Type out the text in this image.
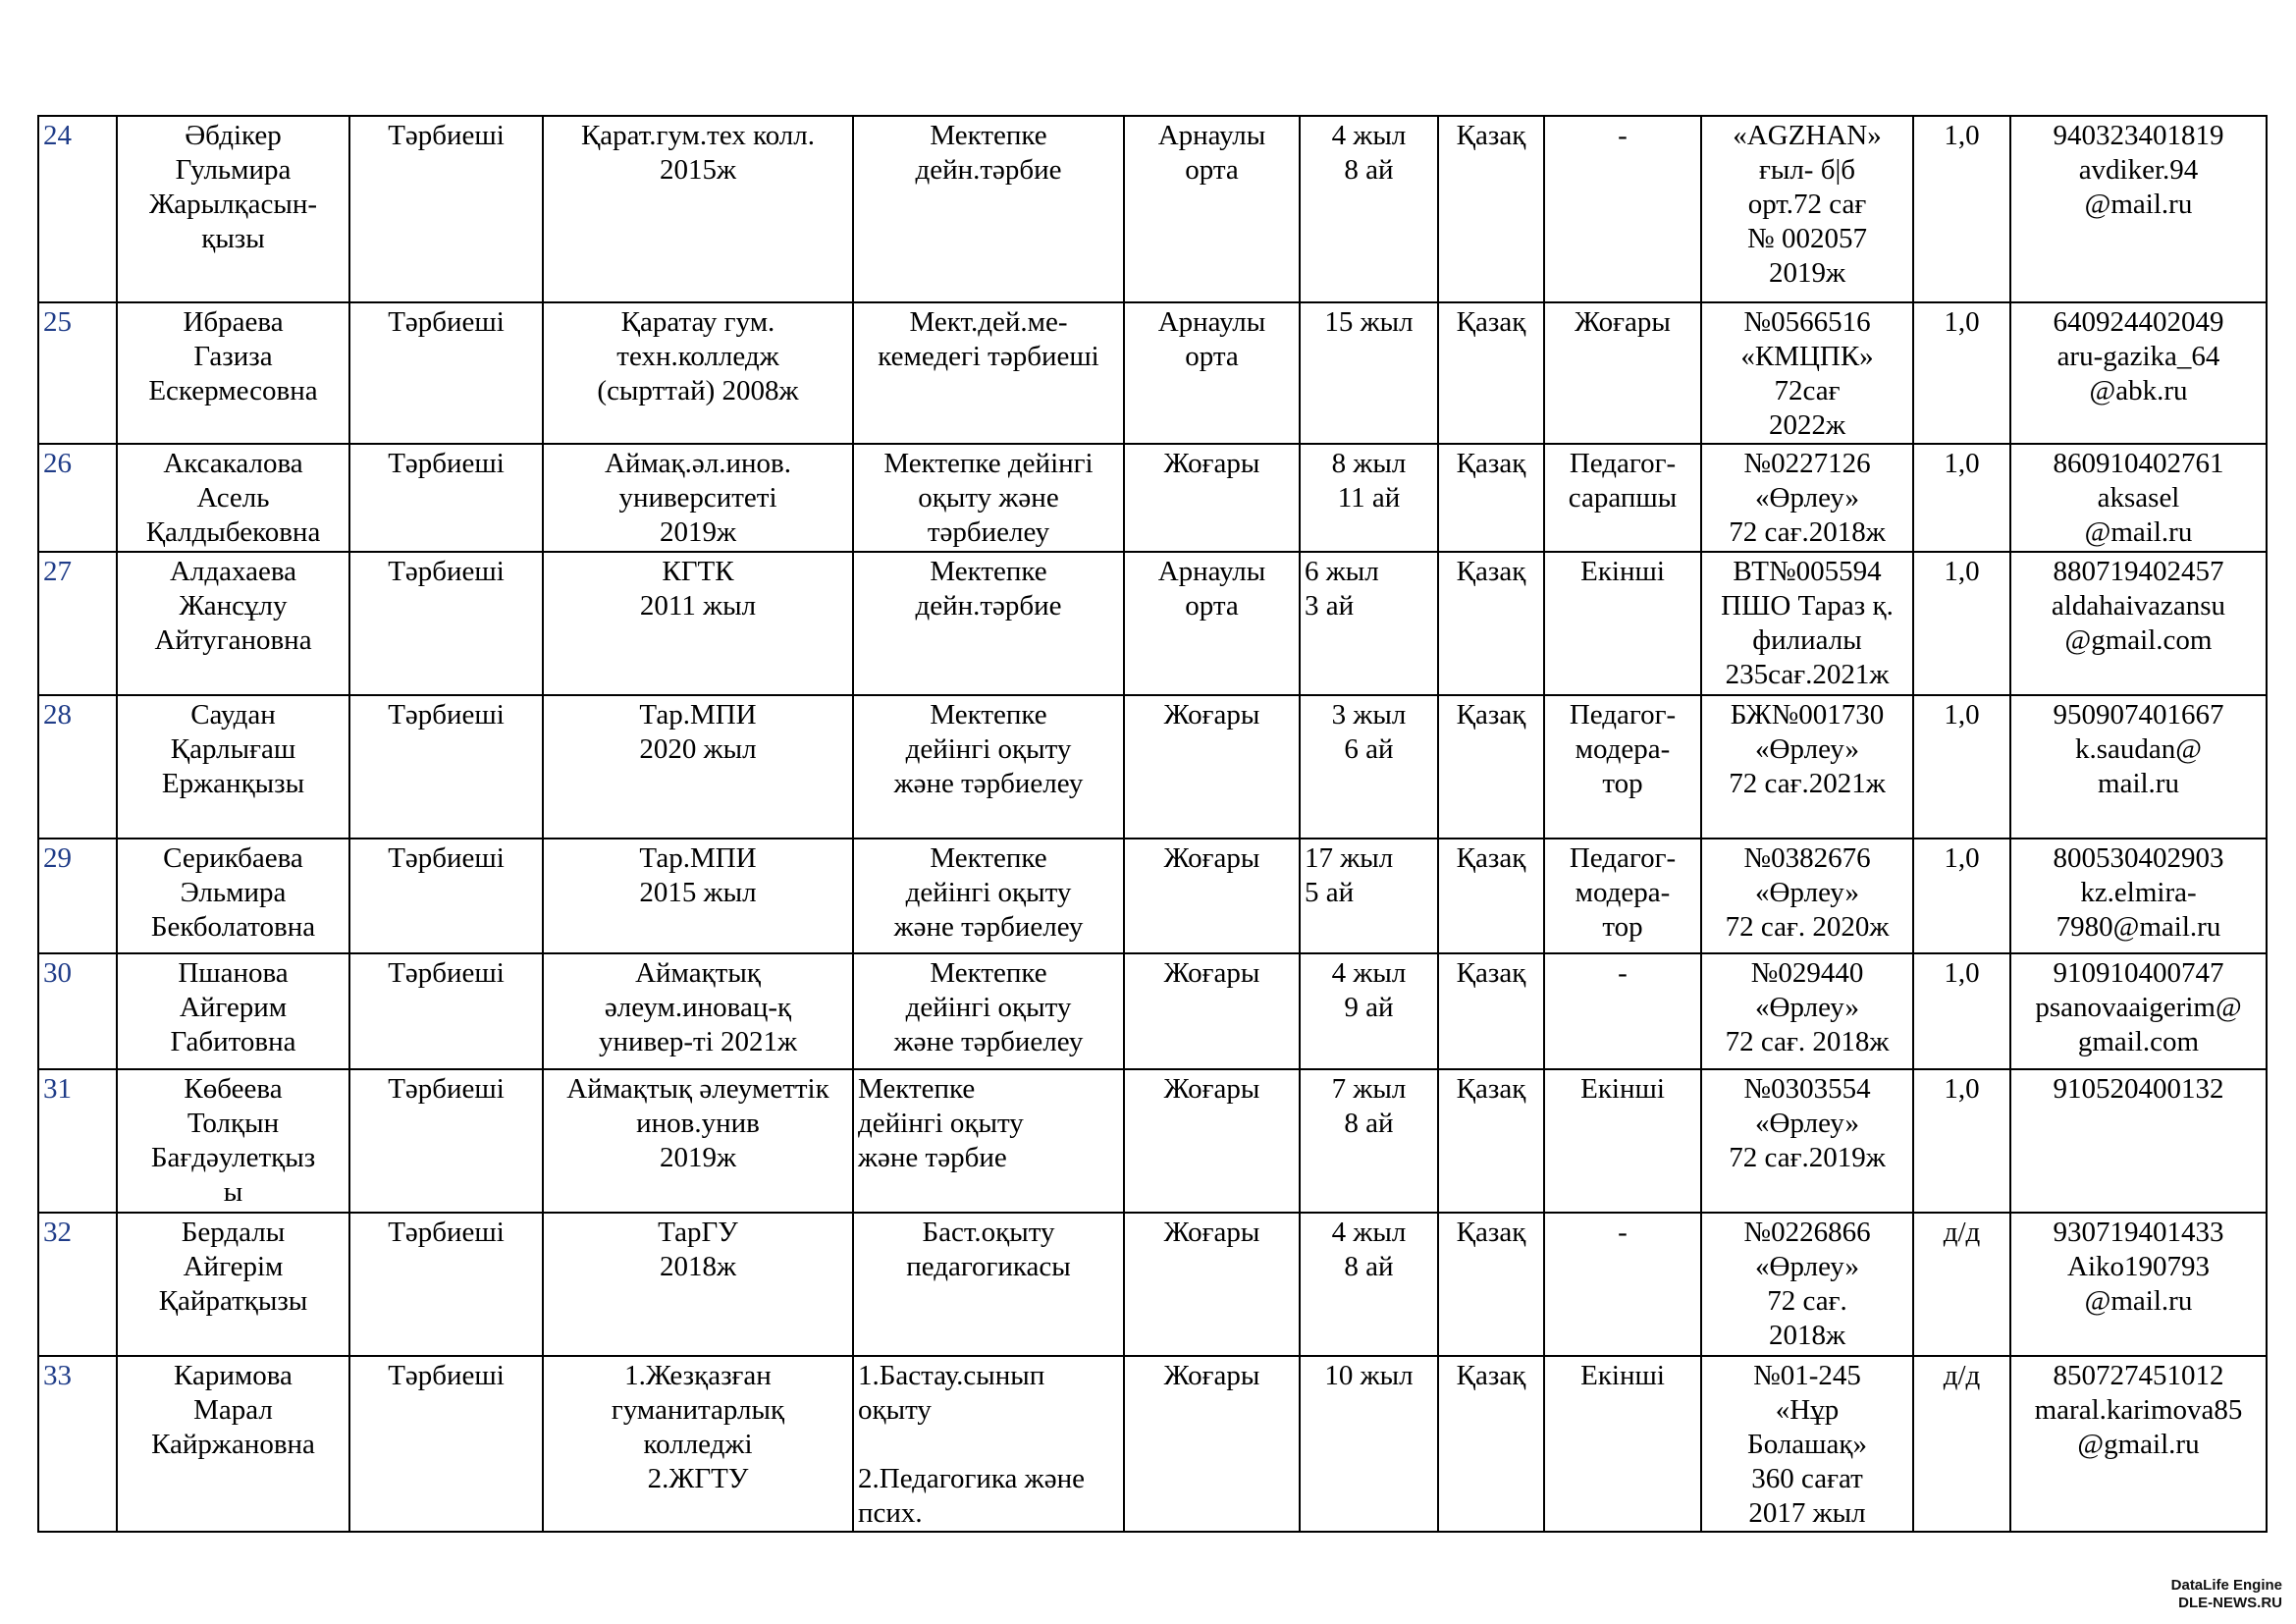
24	Әбдікер
Гульмира
Жарылқасын-
қызы	Тәрбиеші	Қарат.гум.тех колл.
2015ж	Мектепке
дейн.тәрбие	Арнаулы
орта	4 жыл
8 ай	Қазақ	-	«AGZHAN»
ғыл- б|б
орт.72 сағ
№ 002057
2019ж	1,0	940323401819
avdiker.94
@mail.ru
25	Ибраева
Газиза
Ескермесовна	Тәрбиеші	Қаратау гум.
техн.колледж
(сырттай) 2008ж	Мект.дей.ме-
кемедегі тәрбиеші	Арнаулы
орта	15 жыл	Қазақ	Жоғары	№0566516
«КМЦПК»
72сағ
2022ж	1,0	640924402049
aru-gazika_64
@abk.ru
26	Аксакалова
Асель
Қалдыбековна	Тәрбиеші	Аймақ.әл.инов.
университеті
2019ж	Мектепке дейінгі
оқыту және
тәрбиелеу	Жоғары	8 жыл
11 ай	Қазақ	Педагог-
сарапшы	№0227126
«Өрлеу»
72 сағ.2018ж	1,0	860910402761
aksasel
@mail.ru
27	Алдахаева
Жансұлу
Айтугановна	Тәрбиеші	КГТК
2011 жыл	Мектепке
дейн.тәрбие	Арнаулы
орта	6 жыл
3 ай	Қазақ	Екінші	ВТ№005594
ПШО Тараз қ.
филиалы
235сағ.2021ж	1,0	880719402457
aldahaivazansu
@gmail.com
28	Саудан
Қарлығаш
Ержанқызы	Тәрбиеші	Тар.МПИ
2020 жыл	Мектепке
дейінгі оқыту
және тәрбиелеу	Жоғары	3 жыл
6 ай	Қазақ	Педагог-
модера-
тор	БЖ№001730
«Өрлеу»
72 сағ.2021ж	1,0	950907401667
k.saudan@
mail.ru
29	Серикбаева
Эльмира
Бекболатовна	Тәрбиеші	Тар.МПИ
2015 жыл	Мектепке
дейінгі оқыту
және тәрбиелеу	Жоғары	17 жыл
5 ай	Қазақ	Педагог-
модера-
тор	№0382676
«Өрлеу»
72 сағ. 2020ж	1,0	800530402903
kz.elmira-
7980@mail.ru
30	Пшанова
Айгерим
Габитовна	Тәрбиеші	Аймақтық
әлеум.иновац-қ
универ-ті 2021ж	Мектепке
дейінгі оқыту
және тәрбиелеу	Жоғары	4 жыл
9 ай	Қазақ	-	№029440
«Өрлеу»
72 сағ. 2018ж	1,0	910910400747
psanovaaigerim@
gmail.com
31	Көбеева
Толқын
Бағдәулетқыз
ы	Тәрбиеші	Аймақтық әлеуметтік
инов.унив
2019ж	Мектепке
дейінгі оқыту
және тәрбие	Жоғары	7 жыл
8 ай	Қазақ	Екінші	№0303554
«Өрлеу»
72 сағ.2019ж	1,0	910520400132
32	Бердалы
Айгерім
Қайратқызы	Тәрбиеші	ТарГУ
2018ж	Баст.оқыту
педагогикасы	Жоғары	4 жыл
8 ай	Қазақ	-	№0226866
«Өрлеу»
72 сағ.
2018ж	д/д	930719401433
Aiko190793
@mail.ru
33	Каримова
Марал
Кайржановна	Тәрбиеші	1.Жезқазған
гуманитарлық
колледжі
2.ЖГТУ	1.Бастау.сынып
оқыту

2.Педагогика және
псих.	Жоғары	10 жыл	Қазақ	Екінші	№01-245
«Нұр
Болашақ»
360 сағат
2017 жыл	д/д	850727451012
maral.karimova85
@gmail.ru
DataLife Engine
DLE-NEWS.RU
